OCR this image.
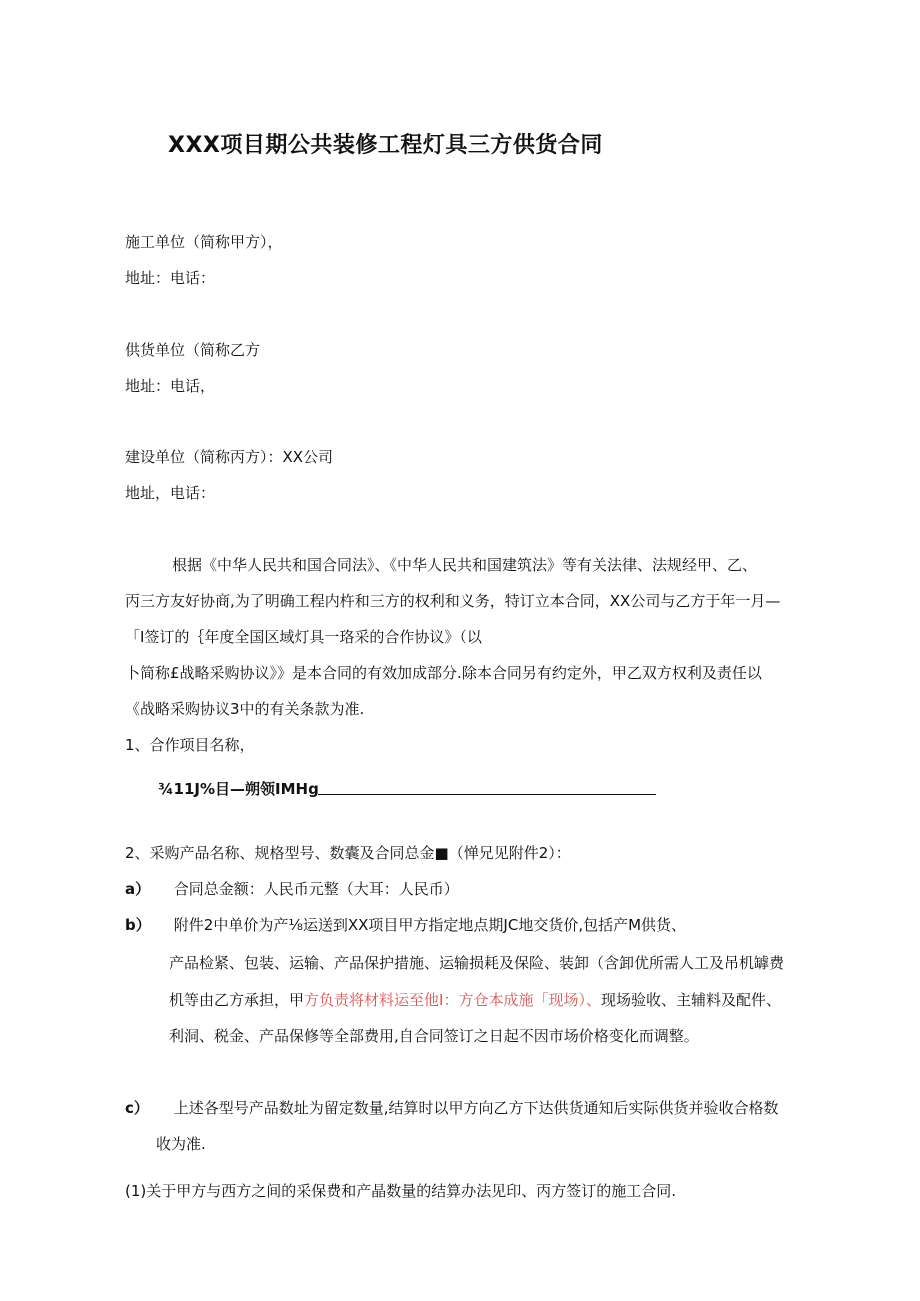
XXX项目期公共装修工程灯具三方供货合同
施工单位（简称甲方），
地址：电话：
供货单位（简称乙方
地址：电话，
建设单位（简称丙方）：XX公司
地址，电话：
根据《中华人民共和国合同法》、《中华人民共和国建筑法》等有关法律、法规经甲、乙、
丙三方友好协商,为了明确工程内杵和三方的权利和义务，特订立本合同，XX公司与乙方于年一月—
「I签订的｛年度全国区域灯具一珞采的合作协议》（以
卜简称£战略采购协议》》是本合同的有效加成部分.除本合同另有约定外，甲乙双方权利及责任以
《战略采购协议3中的有关条款为准.
1、合作项目名称，
¾11J%目—朔领IMHg
2、采购产品名称、规格型号、数囊及合同总金■（惮兄见附件2）：
a） 合同总金额：人民币元整（大耳：人民币）
b） 附件2中单价为产⅛运送到XX项目甲方指定地点期JC地交货价,包括产M供货、
产品检紧、包装、运输、产品保护措施、运输损耗及保险、装卸（含卸优所需人工及吊机罅费
机等由乙方承担，甲方负责将材料运至他I：方仓本成施「现场）、现场验收、主辅料及配件、
利洞、税金、产品保修等全部费用,自合同签订之日起不因市场价格变化而调整。
c） 上述各型号产品数址为留定数量,结算时以甲方向乙方下达供货通知后实际供货并验收合格数
收为准.
(1)关于甲方与西方之间的采保费和产晶数量的结算办法见印、丙方签订的施工合同.
